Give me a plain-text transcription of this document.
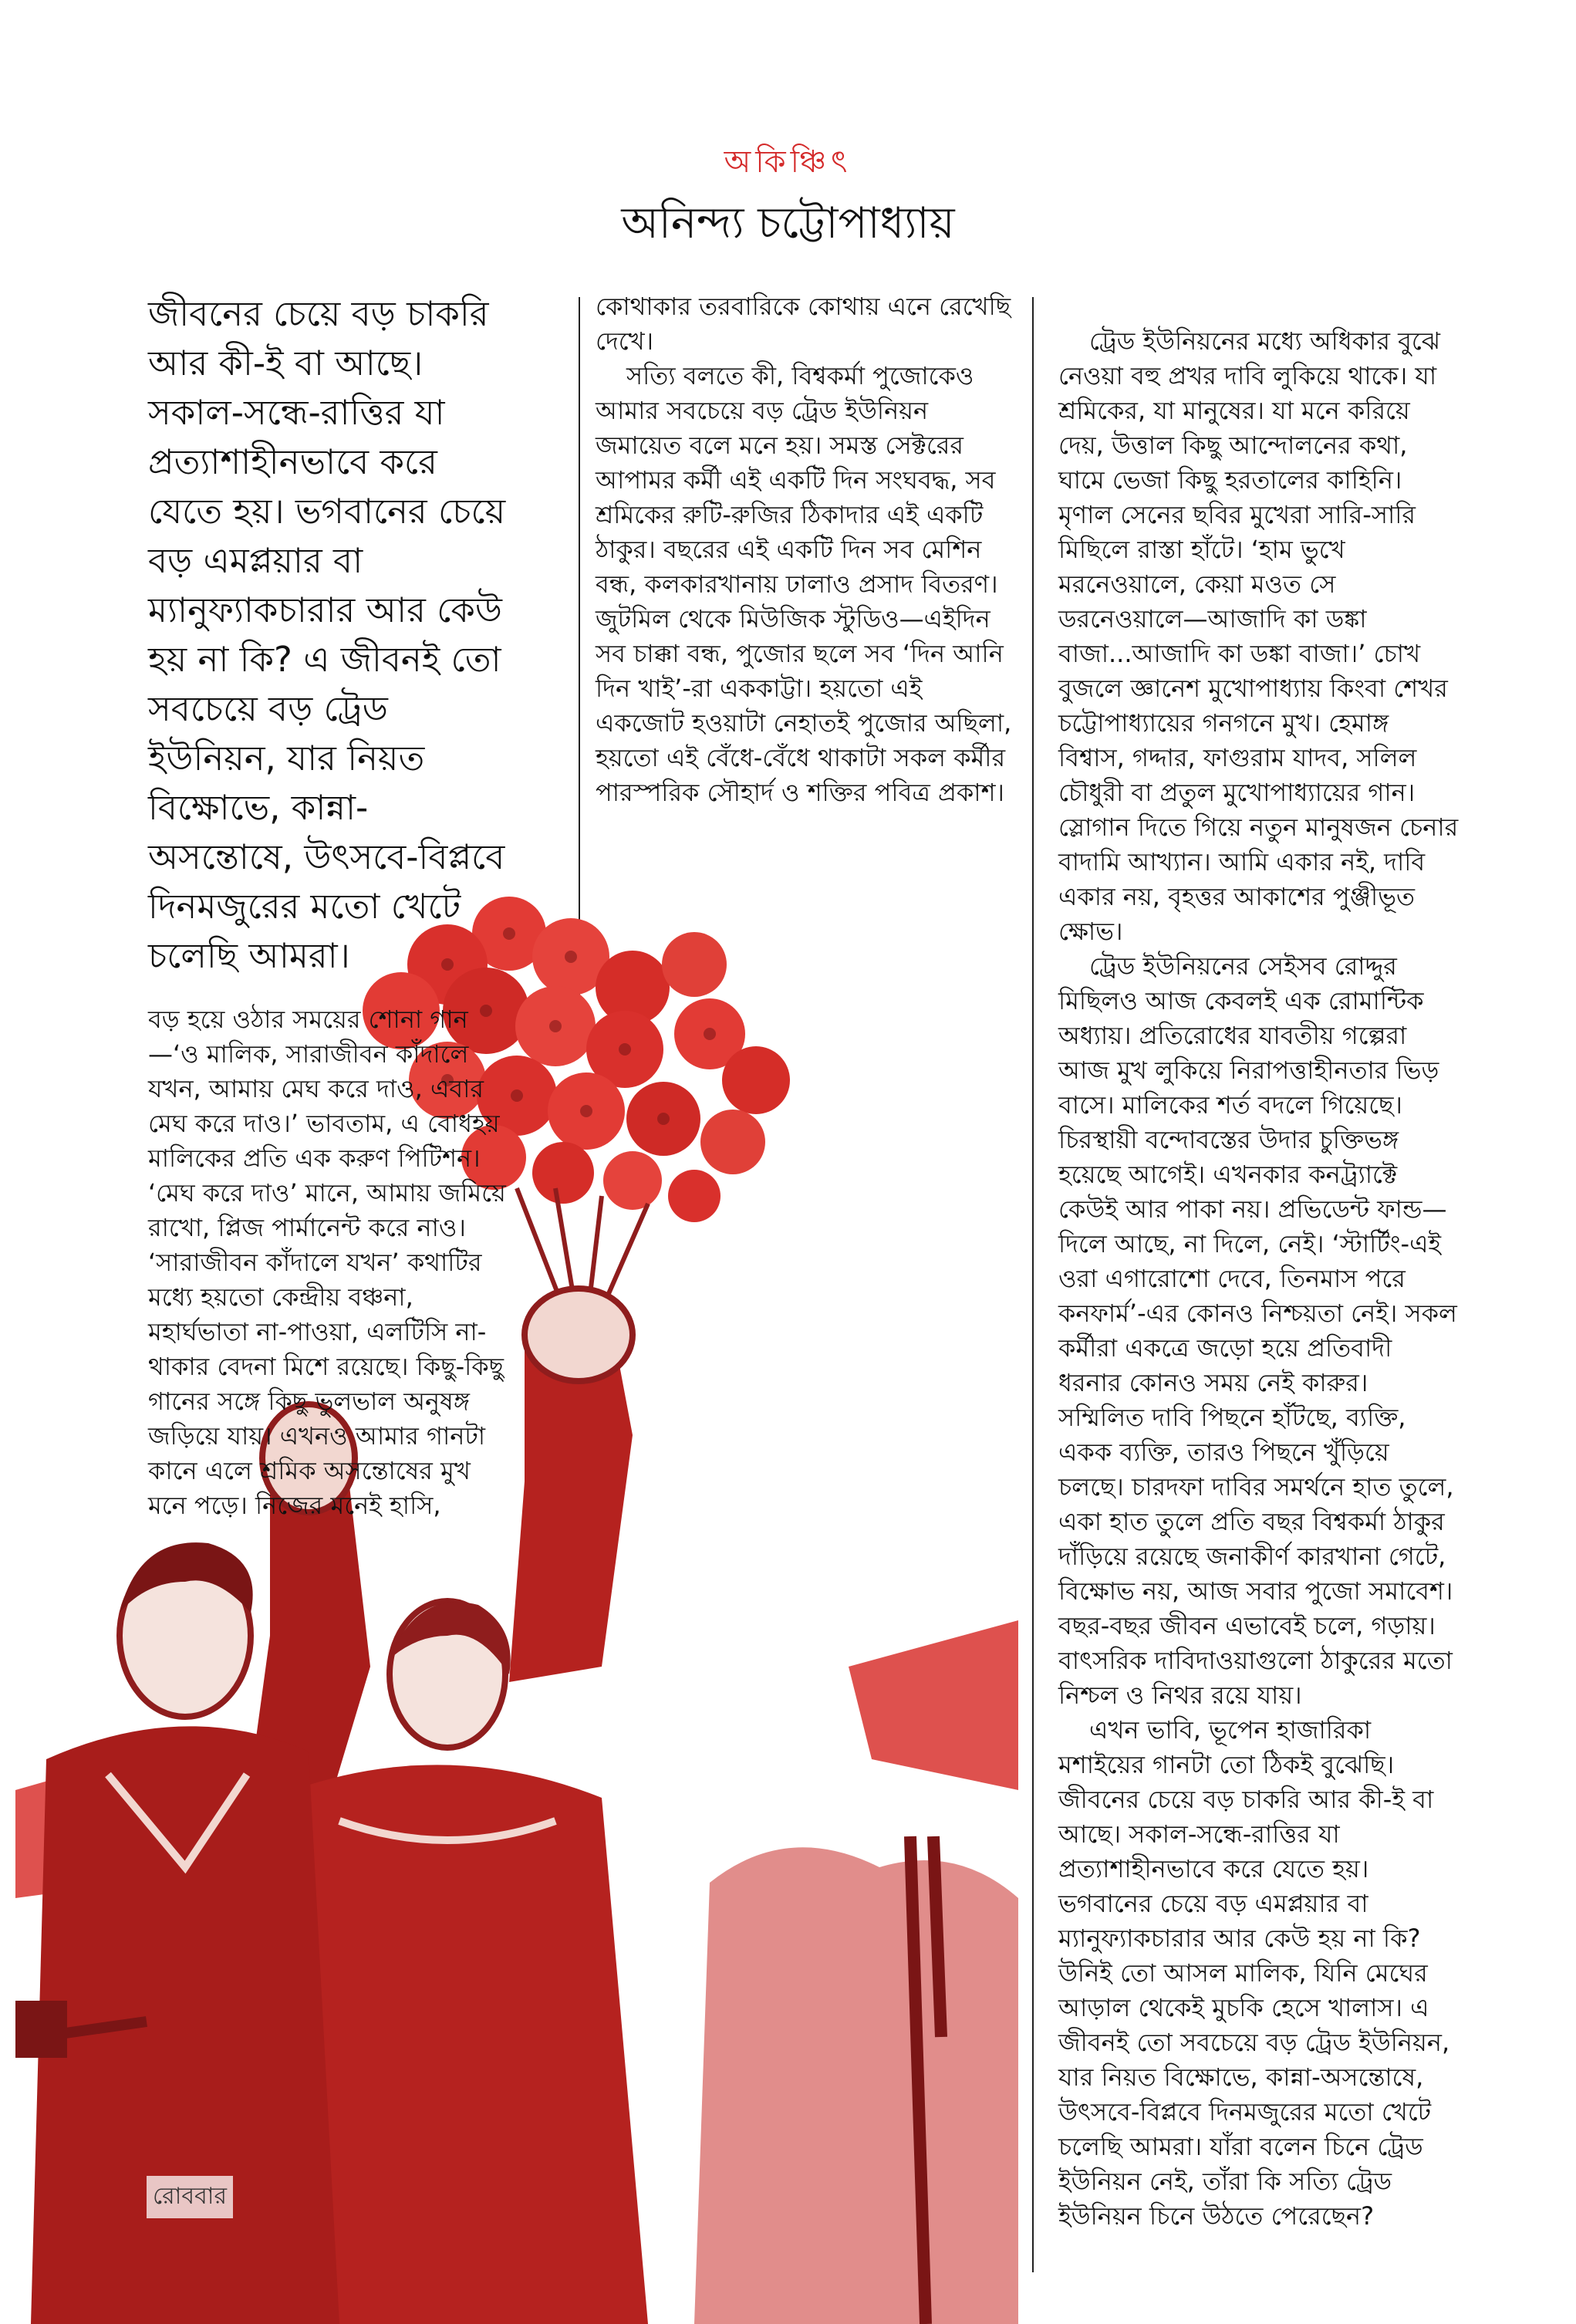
অকিঞ্চিৎ
অনিন্দ্য চট্টোপাধ্যায়
জীবনের চেয়ে বড় চাকরি আর কী-ই বা আছে। সকাল-সন্ধে-রাত্তির যা প্রত্যাশাহীনভাবে করে যেতে হয়। ভগবানের চেয়ে বড় এমপ্লয়ার বা ম্যানুফ্যাকচারার আর কেউ হয় না কি? এ জীবনই তো সবচেয়ে বড় ট্রেড ইউনিয়ন, যার নিয়ত বিক্ষোভে, কান্না-অসন্তোষে, উৎসবে-বিপ্লবে দিনমজুরের মতো খেটে চলেছি আমরা।

বড় হয়ে ওঠার সময়ের শোনা গান—‘ও মালিক, সারাজীবন কাঁদালে যখন, আমায় মেঘ করে দাও, এবার মেঘ করে দাও।’ ভাবতাম, এ বোধহয় মালিকের প্রতি এক করুণ পিটিশন। ‘মেঘ করে দাও’ মানে, আমায় জমিয়ে রাখো, প্লিজ পার্মানেন্ট করে নাও। ‘সারাজীবন কাঁদালে যখন’ কথাটির মধ্যে হয়তো কেন্দ্রীয় বঞ্চনা, মহার্ঘভাতা না-পাওয়া, এলটিসি না-থাকার বেদনা মিশে রয়েছে। কিছু-কিছু গানের সঙ্গে কিছু ভুলভাল অনুষঙ্গ জড়িয়ে যায়। এখনও আমার গানটা কানে এলে শ্রমিক অসন্তোষের মুখ মনে পড়ে। নিজের মনেই হাসি,

কোথাকার তরবারিকে কোথায় এনে রেখেছি দেখে।

সত্যি বলতে কী, বিশ্বকর্মা পুজোকেও আমার সবচেয়ে বড় ট্রেড ইউনিয়ন জমায়েত বলে মনে হয়। সমস্ত সেক্টরের আপামর কর্মী এই একটি দিন সংঘবদ্ধ, সব শ্রমিকের রুটি-রুজির ঠিকাদার এই একটি ঠাকুর। বছরের এই একটি দিন সব মেশিন বন্ধ, কলকারখানায় ঢালাও প্রসাদ বিতরণ। জুটমিল থেকে মিউজিক স্টুডিও—এইদিন সব চাক্কা বন্ধ, পুজোর ছলে সব ‘দিন আনি দিন খাই’-রা এককাট্টা। হয়তো এই একজোট হওয়াটা নেহাতই পুজোর অছিলা, হয়তো এই বেঁধে-বেঁধে থাকাটা সকল কর্মীর পারস্পরিক সৌহার্দ ও শক্তির পবিত্র প্রকাশ।

ট্রেড ইউনিয়নের মধ্যে অধিকার বুঝে নেওয়া বহু প্রখর দাবি লুকিয়ে থাকে। যা শ্রমিকের, যা মানুষের। যা মনে করিয়ে দেয়, উত্তাল কিছু আন্দোলনের কথা, ঘামে ভেজা কিছু হরতালের কাহিনি। মৃণাল সেনের ছবির মুখেরা সারি-সারি মিছিলে রাস্তা হাঁটে। ‘হাম ভুখে মরনেওয়ালে, কেয়া মওত সে ডরনেওয়ালে—আজাদি কা ডঙ্কা বাজা...আজাদি কা ডঙ্কা বাজা।’ চোখ বুজলে জ্ঞানেশ মুখোপাধ্যায় কিংবা শেখর চট্টোপাধ্যায়ের গনগনে মুখ। হেমাঙ্গ বিশ্বাস, গদ্দার, ফাগুরাম যাদব, সলিল চৌধুরী বা প্রতুল মুখোপাধ্যায়ের গান। স্লোগান দিতে গিয়ে নতুন মানুষজন চেনার বাদামি আখ্যান। আমি একার নই, দাবি একার নয়, বৃহত্তর আকাশের পুঞ্জীভূত ক্ষোভ।

ট্রেড ইউনিয়নের সেইসব রোদ্দুর মিছিলও আজ কেবলই এক রোমান্টিক অধ্যায়। প্রতিরোধের যাবতীয় গল্পেরা আজ মুখ লুকিয়ে নিরাপত্তাহীনতার ভিড় বাসে। মালিকের শর্ত বদলে গিয়েছে। চিরস্থায়ী বন্দোবস্তের উদার চুক্তিভঙ্গ হয়েছে আগেই। এখনকার কনট্র্যাক্টে কেউই আর পাকা নয়। প্রভিডেন্ট ফান্ড—দিলে আছে, না দিলে, নেই। ‘স্টার্টিং-এই ওরা এগারোশো দেবে, তিনমাস পরে কনফার্ম’-এর কোনও নিশ্চয়তা নেই। সকল কর্মীরা একত্রে জড়ো হয়ে প্রতিবাদী ধরনার কোনও সময় নেই কারুর। সম্মিলিত দাবি পিছনে হাঁটছে, ব্যক্তি, একক ব্যক্তি, তারও পিছনে খুঁড়িয়ে চলছে। চারদফা দাবির সমর্থনে হাত তুলে, একা হাত তুলে প্রতি বছর বিশ্বকর্মা ঠাকুর দাঁড়িয়ে রয়েছে জনাকীর্ণ কারখানা গেটে, বিক্ষোভ নয়, আজ সবার পুজো সমাবেশ। বছর-বছর জীবন এভাবেই চলে, গড়ায়। বাৎসরিক দাবিদাওয়াগুলো ঠাকুরের মতো নিশ্চল ও নিথর রয়ে যায়।

এখন ভাবি, ভূপেন হাজারিকা মশাইয়ের গানটা তো ঠিকই বুঝেছি। জীবনের চেয়ে বড় চাকরি আর কী-ই বা আছে। সকাল-সন্ধে-রাত্তির যা প্রত্যাশাহীনভাবে করে যেতে হয়। ভগবানের চেয়ে বড় এমপ্লয়ার বা ম্যানুফ্যাকচারার আর কেউ হয় না কি? উনিই তো আসল মালিক, যিনি মেঘের আড়াল থেকেই মুচকি হেসে খালাস। এ জীবনই তো সবচেয়ে বড় ট্রেড ইউনিয়ন, যার নিয়ত বিক্ষোভে, কান্না-অসন্তোষে, উৎসবে-বিপ্লবে দিনমজুরের মতো খেটে চলেছি আমরা। যাঁরা বলেন চিনে ট্রেড ইউনিয়ন নেই, তাঁরা কি সত্যি ট্রেড ইউনিয়ন চিনে উঠতে পেরেছেন?

রোববার
